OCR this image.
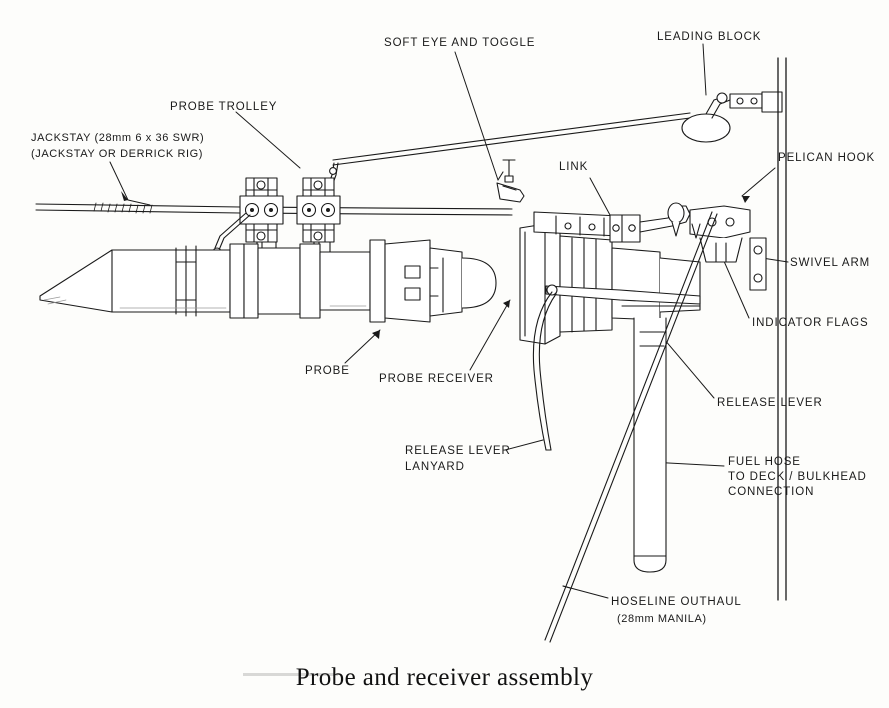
SOFT EYE AND TOGGLE	LEADING BLOCK
PROBE TROLLEY
JACKSTAY (28mm 6 x 36 SWR)
(JACKSTAY OR DERRICK RIG)
LINK
PELICAN HOOK
SWIVEL ARM
INDICATOR FLAGS
PROBE
PROBE RECEIVER
RELEASE LEVER
RELEASE LEVER
LANYARD	FUEL HOSE
TO DECK / BULKHEAD
CONNECTION
HOSELINE OUTHAUL
(28mm MANILA)
Probe and receiver assembly
